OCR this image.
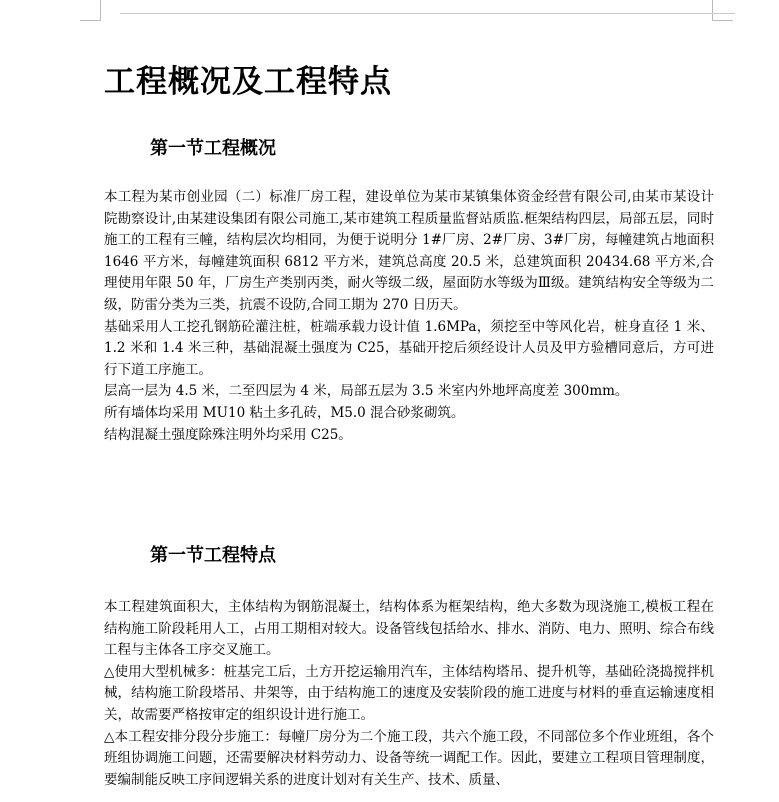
工程概况及工程特点
第一节工程概况

本工程为某市创业园（二）标准厂房工程，建设单位为某市某镇集体资金经营有限公司,由某市某设计院勘察设计,由某建设集团有限公司施工,某市建筑工程质量监督站质监.框架结构四层，局部五层，同时施工的工程有三幢，结构层次均相同，为便于说明分 1#厂房、2#厂房、3#厂房，每幢建筑占地面积 1646 平方米，每幢建筑面积 6812 平方米，建筑总高度 20.5 米，总建筑面积 20434.68 平方米,合理使用年限 50 年，厂房生产类别丙类，耐火等级二级，屋面防水等级为Ⅲ级。建筑结构安全等级为二级，防雷分类为三类，抗震不设防,合同工期为 270 日历天。

基础采用人工挖孔钢筋砼灌注桩，桩端承载力设计值 1.6MPa，须挖至中等风化岩，桩身直径 1 米、1.2 米和 1.4 米三种，基础混凝土强度为 C25，基础开挖后须经设计人员及甲方验槽同意后，方可进行下道工序施工。

层高一层为 4.5 米，二至四层为 4 米，局部五层为 3.5 米室内外地坪高度差 300mm。

所有墙体均采用 MU10 粘土多孔砖，M5.0 混合砂浆砌筑。

结构混凝土强度除殊注明外均采用 C25。

第一节工程特点

本工程建筑面积大，主体结构为钢筋混凝土，结构体系为框架结构，绝大多数为现浇施工,模板工程在结构施工阶段耗用人工，占用工期相对较大。设备管线包括给水、排水、消防、电力、照明、综合布线工程与主体各工序交叉施工。

△使用大型机械多：桩基完工后，土方开挖运输用汽车，主体结构塔吊、提升机等，基础砼浇捣搅拌机械，结构施工阶段塔吊、井架等，由于结构施工的速度及安装阶段的施工进度与材料的垂直运输速度相关，故需要严格按审定的组织设计进行施工。

△本工程安排分段分步施工：每幢厂房分为二个施工段，共六个施工段，不同部位多个作业班组，各个班组协调施工问题，还需要解决材料劳动力、设备等统一调配工作。因此，要建立工程项目管理制度，要编制能反映工序间逻辑关系的进度计划对有关生产、技术、质量、
